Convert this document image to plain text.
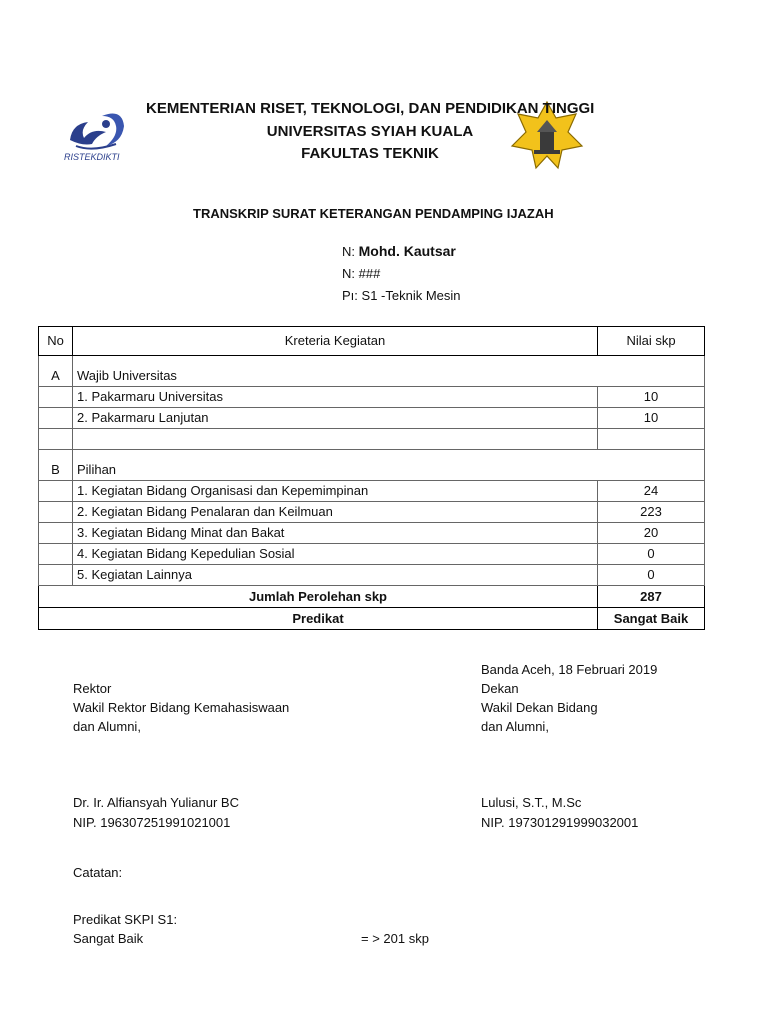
RISTEKDIKTI
KEMENTERIAN RISET, TEKNOLOGI, DAN PENDIDIKAN TINGGI
UNIVERSITAS SYIAH KUALA
FAKULTAS TEKNIK
TRANSKRIP SURAT KETERANGAN PENDAMPING IJAZAH
N: Mohd. Kautsar
N: ###
Pı: S1 -Teknik Mesin
No	Kreteria Kegiatan	Nilai skp

A	Wajib Universitas	
	1. Pakarmaru Universitas	10
	2. Pakarmaru Lanjutan	10

B	Pilihan	
	1. Kegiatan Bidang Organisasi dan Kepemimpinan	24
	2. Kegiatan Bidang Penalaran dan Keilmuan	223
	3. Kegiatan Bidang Minat dan Bakat	20
	4. Kegiatan Bidang Kepedulian Sosial	0
	5. Kegiatan Lainnya	0
Jumlah Perolehan skp		287
Predikat		Sangat Baik
Banda Aceh, 18 Februari 2019
Rektor
Wakil Rektor Bidang Kemahasiswaan
dan Alumni,
Dekan
Wakil Dekan Bidang
dan Alumni,
Dr. Ir. Alfiansyah Yulianur BC
NIP. 196307251991021001
Lulusi, S.T., M.Sc
NIP. 197301291999032001
Catatan:
Predikat SKPI S1:
Sangat Baik	= > 201 skp
